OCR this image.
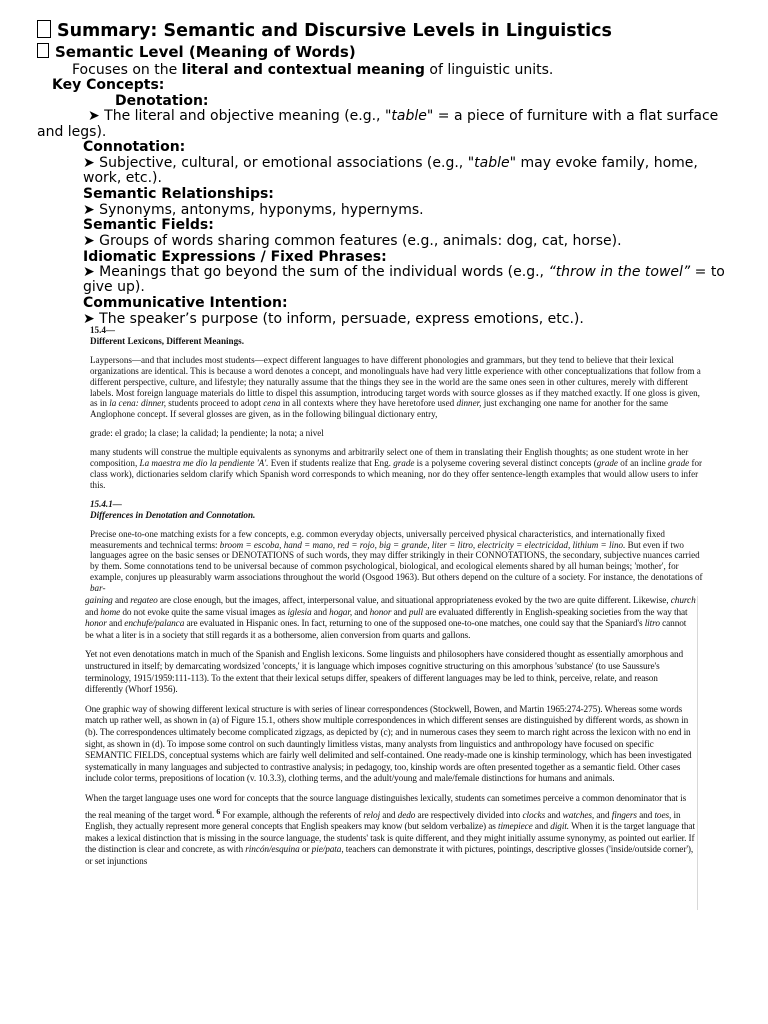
Summary: Semantic and Discursive Levels in Linguistics
Semantic Level (Meaning of Words)
Focuses on the literal and contextual meaning of linguistic units.
Key Concepts:
Denotation:
➤ The literal and objective meaning (e.g., "table" = a piece of furniture with a flat surface
and legs).
Connotation:
➤ Subjective, cultural, or emotional associations (e.g., "table" may evoke family, home,
work, etc.).
Semantic Relationships:
➤ Synonyms, antonyms, hyponyms, hypernyms.
Semantic Fields:
➤ Groups of words sharing common features (e.g., animals: dog, cat, horse).
Idiomatic Expressions / Fixed Phrases:
➤ Meanings that go beyond the sum of the individual words (e.g., “throw in the towel” = to
give up).
Communicative Intention:
➤ The speaker’s purpose (to inform, persuade, express emotions, etc.).

15.4—

Different Lexicons, Different Meanings.

Laypersons—and that includes most students—expect different languages to have different phonologies and grammars, but they tend to believe that their lexical organizations are identical. This is because a word denotes a concept, and monolinguals have had very little experience with other conceptualizations that follow from a different perspective, culture, and lifestyle; they naturally assume that the things they see in the world are the same ones seen in other cultures, merely with different labels. Most foreign language materials do little to dispel this assumption, introducing target words with source glosses as if they matched exactly. If one gloss is given, as in la cena: dinner, students proceed to adopt cena in all contexts where they have heretofore used dinner, just exchanging one name for another for the same Anglophone concept. If several glosses are given, as in the following bilingual dictionary entry,

grade: el grado; la clase; la calidad; la pendiente; la nota; a nivel

many students will construe the multiple equivalents as synonyms and arbitrarily select one of them in translating their English thoughts; as one student wrote in her composition, La maestra me dio la pendiente 'A'. Even if students realize that Eng. grade is a polyseme covering several distinct concepts (grade of an incline grade for class work), dictionaries seldom clarify which Spanish word corresponds to which meaning, nor do they offer sentence-length examples that would allow users to infer this.

15.4.1—

Differences in Denotation and Connotation.

Precise one-to-one matching exists for a few concepts, e.g. common everyday objects, universally perceived physical characteristics, and internationally fixed measurements and technical terms: broom = escoba, hand = mano, red = rojo, big = grande, liter = litro, electricity = electricidad, lithium = lino. But even if two languages agree on the basic senses or DENOTATIONS of such words, they may differ strikingly in their CONNOTATIONS, the secondary, subjective nuances carried by them. Some connotations tend to be universal because of common psychological, biological, and ecological elements shared by all human beings; 'mother', for example, conjures up pleasurably warm associations throughout the world (Osgood 1963). But others depend on the culture of a society. For instance, the denotations of bar-

gaining and regateo are close enough, but the images, affect, interpersonal value, and situational appropriateness evoked by the two are quite different. Likewise, church and home do not evoke quite the same visual images as iglesia and hogar, and honor and pull are evaluated differently in English-speaking societies from the way that honor and enchufe/palanca are evaluated in Hispanic ones. In fact, returning to one of the supposed one-to-one matches, one could say that the Spaniard's litro cannot be what a liter is in a society that still regards it as a bothersome, alien conversion from quarts and gallons.

Yet not even denotations match in much of the Spanish and English lexicons. Some linguists and philosophers have considered thought as essentially amorphous and unstructured in itself; by demarcating wordsized 'concepts,' it is language which imposes cognitive structuring on this amorphous 'substance' (to use Saussure's terminology, 1915/1959:111-113). To the extent that their lexical setups differ, speakers of different languages may be led to think, perceive, relate, and reason differently (Whorf 1956).

One graphic way of showing different lexical structure is with series of linear correspondences (Stockwell, Bowen, and Martin 1965:274-275). Whereas some words match up rather well, as shown in (a) of Figure 15.1, others show multiple correspondences in which different senses are distinguished by different words, as shown in (b). The correspondences ultimately become complicated zigzags, as depicted by (c); and in numerous cases they seem to march right across the lexicon with no end in sight, as shown in (d). To impose some control on such dauntingly limitless vistas, many analysts from linguistics and anthropology have focused on specific SEMANTIC FIELDS, conceptual systems which are fairly well delimited and self-contained. One ready-made one is kinship terminology, which has been investigated systematically in many languages and subjected to contrastive analysis; in pedagogy, too, kinship words are often presented together as a semantic field. Other cases include color terms, prepositions of location (v. 10.3.3), clothing terms, and the adult/young and male/female distinctions for humans and animals.

When the target language uses one word for concepts that the source language distinguishes lexically, students can sometimes perceive a common denominator that is the real meaning of the target word. $^6$ For example, although the referents of reloj and dedo are respectively divided into clocks and watches, and fingers and toes, in English, they actually represent more general concepts that English speakers may know (but seldom verbalize) as timepiece and digit. When it is the target language that makes a lexical distinction that is missing in the source language, the students' task is quite different, and they might initially assume synonymy, as pointed out earlier. If the distinction is clear and concrete, as with rincón/esquina or pie/pata, teachers can demonstrate it with pictures, pointings, descriptive glosses ('inside/outside corner'), or set injunctions
